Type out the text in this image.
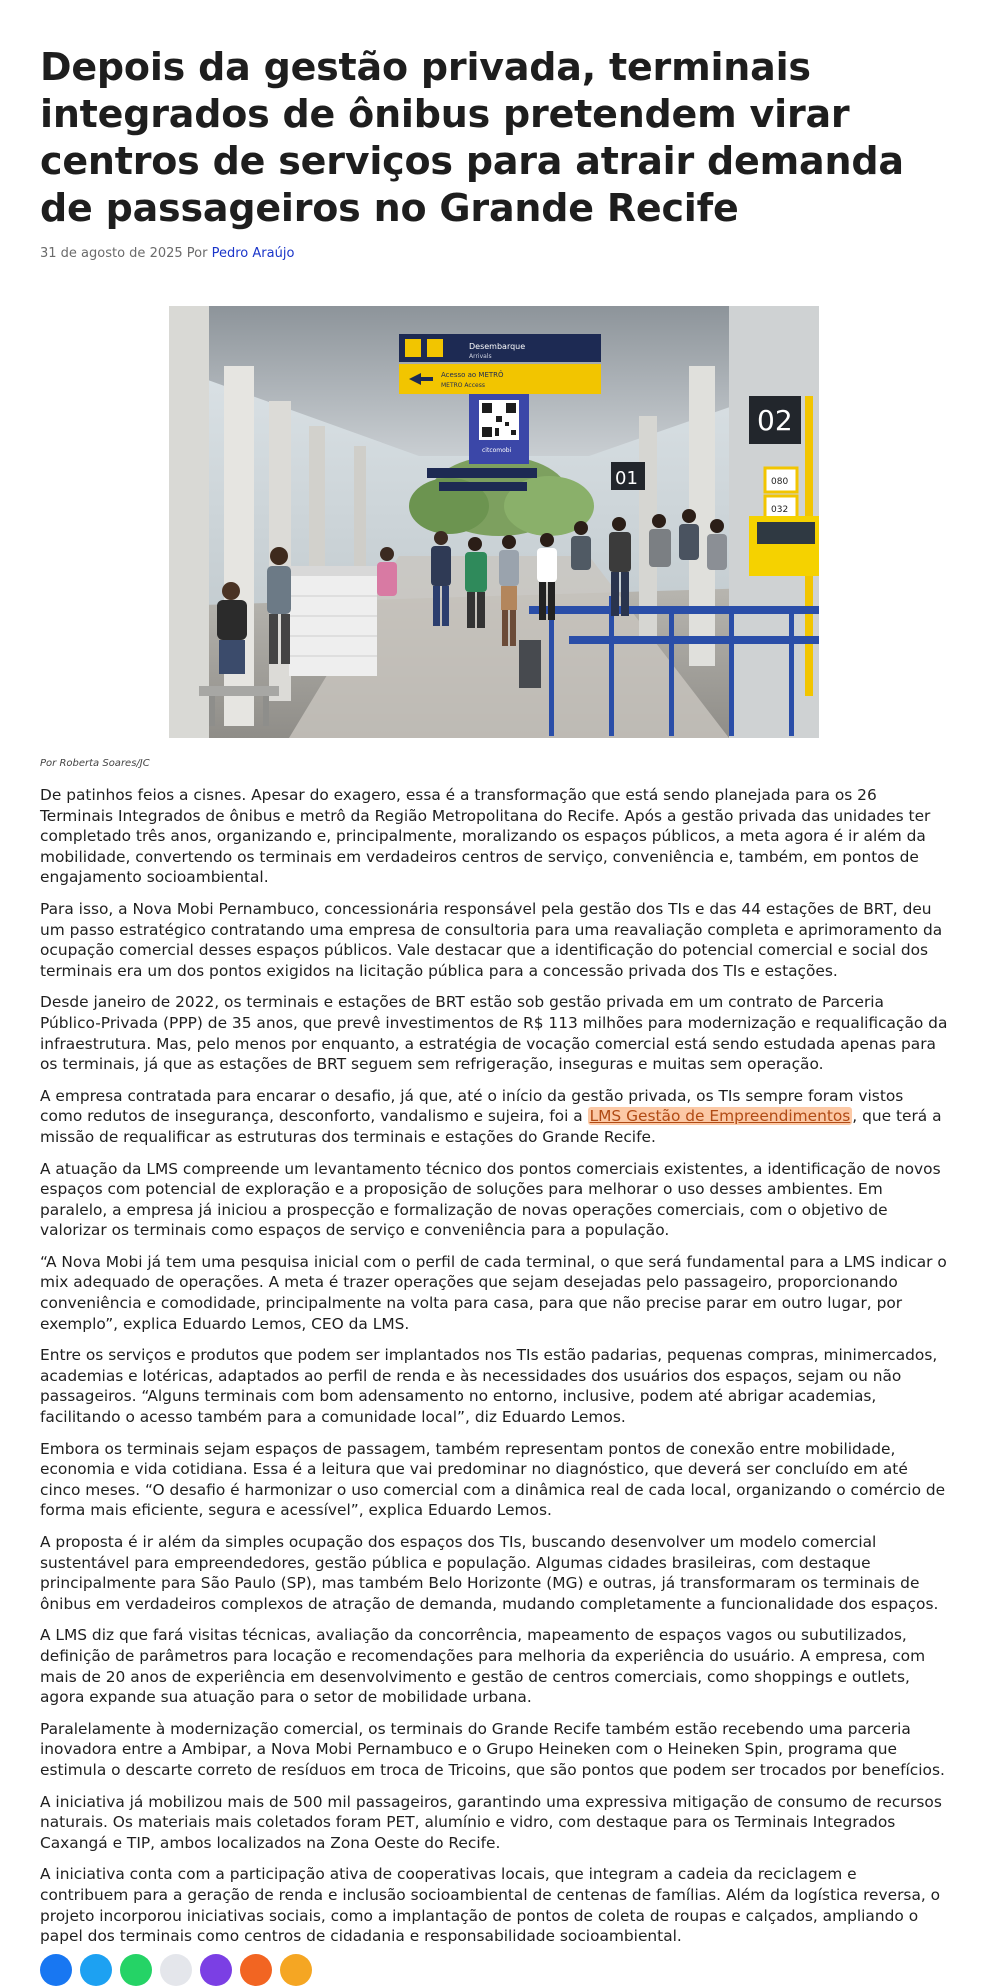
Depois da gestão privada, terminais integrados de ônibus pretendem virar centros de serviços para atrair demanda de passageiros no Grande Recife
31 de agosto de 2025 Por Pedro Araújo
Desembarque
Arrivals
Acesso ao METRÔ
METRO Access
citcomobi
02
01	080
032
Por Roberta Soares/JC

De patinhos feios a cisnes. Apesar do exagero, essa é a transformação que está sendo planejada para os 26 Terminais Integrados de ônibus e metrô da Região Metropolitana do Recife. Após a gestão privada das unidades ter completado três anos, organizando e, principalmente, moralizando os espaços públicos, a meta agora é ir além da mobilidade, convertendo os terminais em verdadeiros centros de serviço, conveniência e, também, em pontos de engajamento socioambiental.

Para isso, a Nova Mobi Pernambuco, concessionária responsável pela gestão dos TIs e das 44 estações de BRT, deu um passo estratégico contratando uma empresa de consultoria para uma reavaliação completa e aprimoramento da ocupação comercial desses espaços públicos. Vale destacar que a identificação do potencial comercial e social dos terminais era um dos pontos exigidos na licitação pública para a concessão privada dos TIs e estações.

Desde janeiro de 2022, os terminais e estações de BRT estão sob gestão privada em um contrato de Parceria Público-Privada (PPP) de 35 anos, que prevê investimentos de R$ 113 milhões para modernização e requalificação da infraestrutura. Mas, pelo menos por enquanto, a estratégia de vocação comercial está sendo estudada apenas para os terminais, já que as estações de BRT seguem sem refrigeração, inseguras e muitas sem operação.

A empresa contratada para encarar o desafio, já que, até o início da gestão privada, os TIs sempre foram vistos como redutos de insegurança, desconforto, vandalismo e sujeira, foi a LMS Gestão de Empreendimentos , que terá a missão de requalificar as estruturas dos terminais e estações do Grande Recife.

A atuação da LMS compreende um levantamento técnico dos pontos comerciais existentes, a identificação de novos espaços com potencial de exploração e a proposição de soluções para melhorar o uso desses ambientes. Em paralelo, a empresa já iniciou a prospecção e formalização de novas operações comerciais, com o objetivo de valorizar os terminais como espaços de serviço e conveniência para a população.

“A Nova Mobi já tem uma pesquisa inicial com o perfil de cada terminal, o que será fundamental para a LMS indicar o mix adequado de operações. A meta é trazer operações que sejam desejadas pelo passageiro, proporcionando conveniência e comodidade, principalmente na volta para casa, para que não precise parar em outro lugar, por exemplo”, explica Eduardo Lemos, CEO da LMS.

Entre os serviços e produtos que podem ser implantados nos TIs estão padarias, pequenas compras, minimercados, academias e lotéricas, adaptados ao perfil de renda e às necessidades dos usuários dos espaços, sejam ou não passageiros. “Alguns terminais com bom adensamento no entorno, inclusive, podem até abrigar academias, facilitando o acesso também para a comunidade local”, diz Eduardo Lemos.

Embora os terminais sejam espaços de passagem, também representam pontos de conexão entre mobilidade, economia e vida cotidiana. Essa é a leitura que vai predominar no diagnóstico, que deverá ser concluído em até cinco meses. “O desafio é harmonizar o uso comercial com a dinâmica real de cada local, organizando o comércio de forma mais eficiente, segura e acessível”, explica Eduardo Lemos.

A proposta é ir além da simples ocupação dos espaços dos TIs, buscando desenvolver um modelo comercial sustentável para empreendedores, gestão pública e população. Algumas cidades brasileiras, com destaque principalmente para São Paulo (SP), mas também Belo Horizonte (MG) e outras, já transformaram os terminais de ônibus em verdadeiros complexos de atração de demanda, mudando completamente a funcionalidade dos espaços.

A LMS diz que fará visitas técnicas, avaliação da concorrência, mapeamento de espaços vagos ou subutilizados, definição de parâmetros para locação e recomendações para melhoria da experiência do usuário. A empresa, com mais de 20 anos de experiência em desenvolvimento e gestão de centros comerciais, como shoppings e outlets, agora expande sua atuação para o setor de mobilidade urbana.

Paralelamente à modernização comercial, os terminais do Grande Recife também estão recebendo uma parceria inovadora entre a Ambipar, a Nova Mobi Pernambuco e o Grupo Heineken com o Heineken Spin, programa que estimula o descarte correto de resíduos em troca de Tricoins, que são pontos que podem ser trocados por benefícios.

A iniciativa já mobilizou mais de 500 mil passageiros, garantindo uma expressiva mitigação de consumo de recursos naturais. Os materiais mais coletados foram PET, alumínio e vidro, com destaque para os Terminais Integrados Caxangá e TIP, ambos localizados na Zona Oeste do Recife.

A iniciativa conta com a participação ativa de cooperativas locais, que integram a cadeia da reciclagem e contribuem para a geração de renda e inclusão socioambiental de centenas de famílias. Além da logística reversa, o projeto incorporou iniciativas sociais, como a implantação de pontos de coleta de roupas e calçados, ampliando o papel dos terminais como centros de cidadania e responsabilidade socioambiental.
